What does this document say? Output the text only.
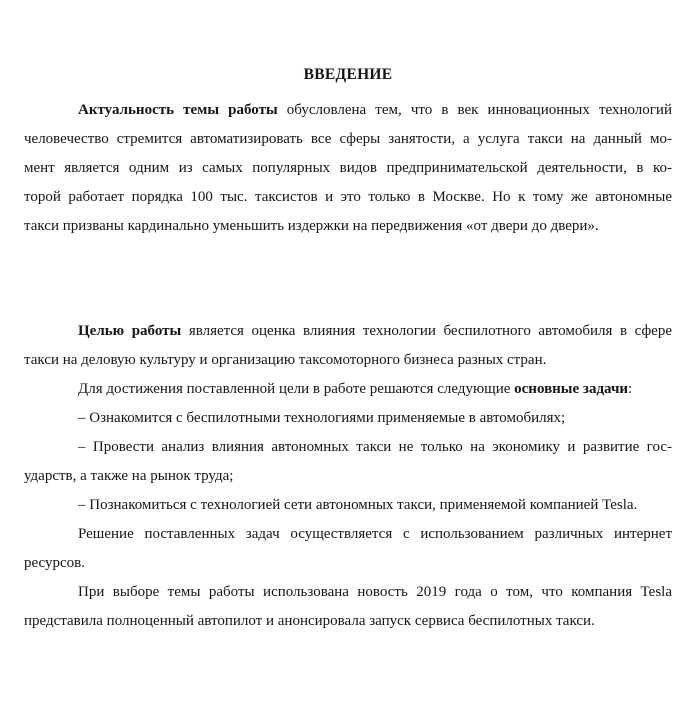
ВВЕДЕНИЕ
Актуальность темы работы обусловлена тем, что в век инновационных технологий
человечество стремится автоматизировать все сферы занятости, а услуга такси на данный мо-
мент является одним из самых популярных видов предпринимательской деятельности, в ко-
торой работает порядка 100 тыс. таксистов и это только в Москве. Но к тому же автономные
такси призваны кардинально уменьшить издержки на передвижения «от двери до двери».
Целью работы является оценка влияния технологии беспилотного автомобиля в сфере
такси на деловую культуру и организацию таксомоторного бизнеса разных стран.
Для достижения поставленной цели в работе решаются следующие основные задачи:
– Ознакомится с беспилотными технологиями применяемые в автомобилях;
– Провести анализ влияния автономных такси не только на экономику и развитие гос-
ударств, а также на рынок труда;
– Познакомиться с технологией сети автономных такси, применяемой компанией Tesla.
Решение поставленных задач осуществляется с использованием различных интернет
ресурсов.
При выборе темы работы использована новость 2019 года о том, что компания Tesla
представила полноценный автопилот и анонсировала запуск сервиса беспилотных такси.
